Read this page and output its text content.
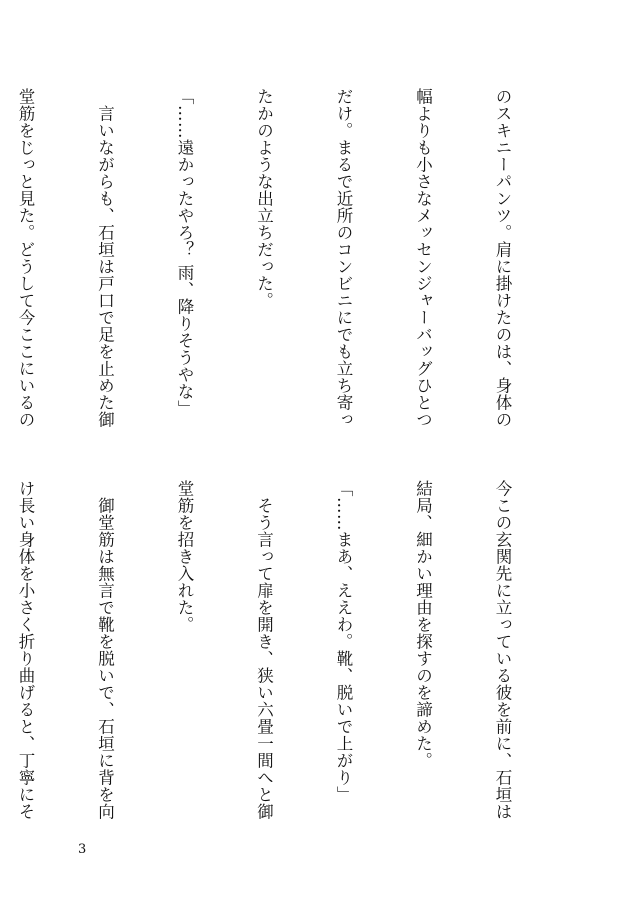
のスキニーパンツ。肩に掛けたのは、身体の

幅よりも小さなメッセンジャーバッグひとつ

だけ。まるで近所のコンビニにでも立ち寄っ

たかのような出立ちだった。

「……遠かったやろ？ 雨、降りそうやな」

　言いながらも、石垣は戸口で足を止めた御

堂筋をじっと見た。どうして今ここにいるの

今この玄関先に立っている彼を前に、石垣は

結局、細かい理由を探すのを諦めた。

「……まあ、ええわ。靴、脱いで上がり」

　そう言って扉を開き、狭い六畳一間へと御

堂筋を招き入れた。

　御堂筋は無言で靴を脱いで、石垣に背を向

け長い身体を小さく折り曲げると、丁寧にそ

3
